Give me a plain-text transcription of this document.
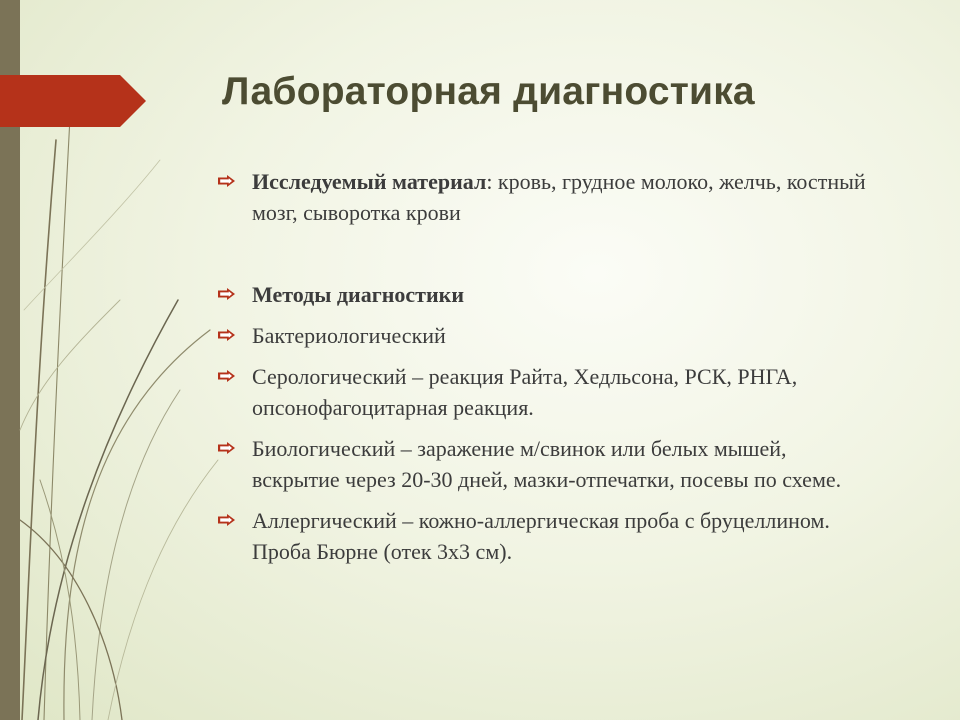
Лабораторная диагностика
Исследуемый материал: кровь, грудное молоко, желчь, костный мозг, сыворотка крови
Методы диагностики
Бактериологический
Серологический – реакция Райта, Хедльсона, РСК, РНГА, опсонофагоцитарная реакция.
Биологический – заражение м/свинок или белых мышей, вскрытие через 20-30 дней, мазки-отпечатки, посевы по схеме.
Аллергический – кожно-аллергическая проба с бруцеллином. Проба Бюрне (отек 3х3 см).
